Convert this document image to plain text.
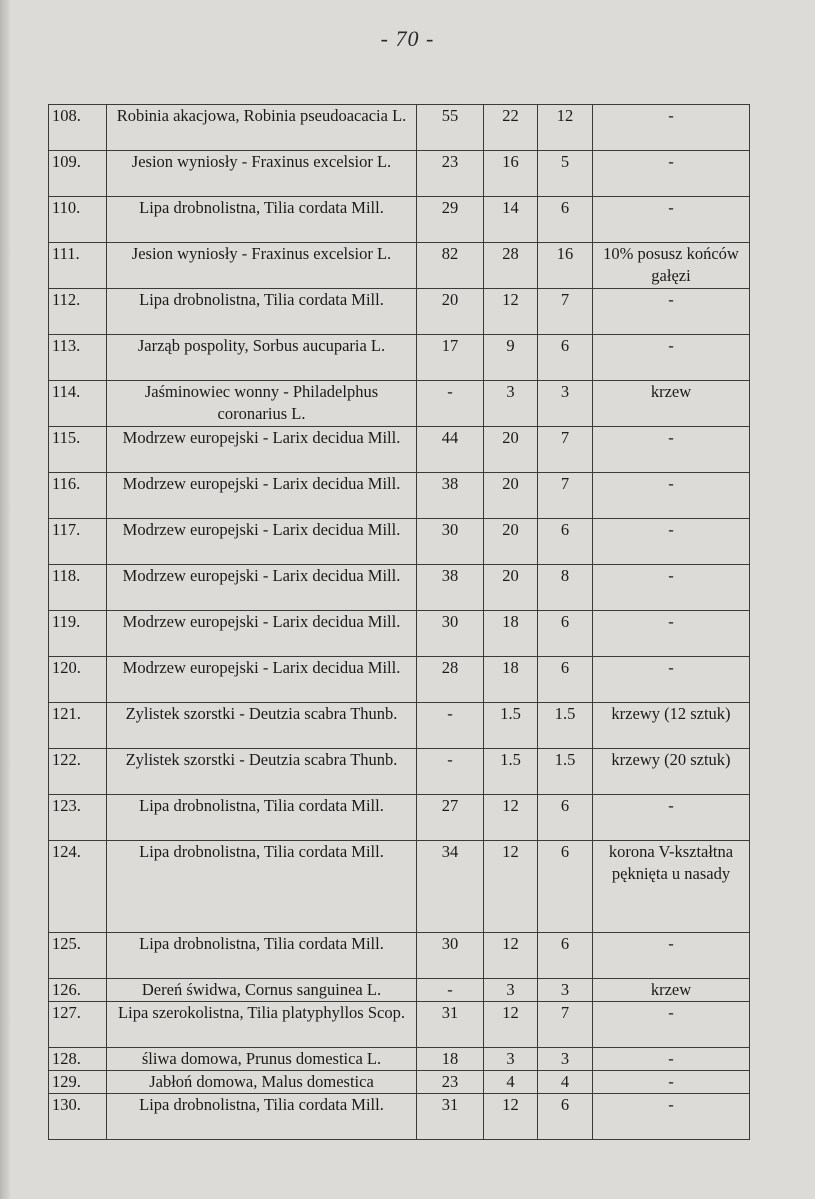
- 70 -
108.	Robinia akacjowa, Robinia pseudoacacia L.	55	22	12	-
109.	Jesion wyniosły - Fraxinus excelsior L.	23	16	5	-
110.	Lipa drobnolistna, Tilia cordata Mill.	29	14	6	-
111.	Jesion wyniosły - Fraxinus excelsior L.	82	28	16	10% posusz końców gałęzi
112.	Lipa drobnolistna, Tilia cordata Mill.	20	12	7	-
113.	Jarząb pospolity, Sorbus aucuparia L.	17	9	6	-
114.	Jaśminowiec wonny - Philadelphus coronarius L.	-	3	3	krzew
115.	Modrzew europejski - Larix decidua Mill.	44	20	7	-
116.	Modrzew europejski - Larix decidua Mill.	38	20	7	-
117.	Modrzew europejski - Larix decidua Mill.	30	20	6	-
118.	Modrzew europejski - Larix decidua Mill.	38	20	8	-
119.	Modrzew europejski - Larix decidua Mill.	30	18	6	-
120.	Modrzew europejski - Larix decidua Mill.	28	18	6	-
121.	Zylistek szorstki - Deutzia scabra Thunb.	-	1.5	1.5	krzewy (12 sztuk)
122.	Zylistek szorstki - Deutzia scabra Thunb.	-	1.5	1.5	krzewy (20 sztuk)
123.	Lipa drobnolistna, Tilia cordata Mill.	27	12	6	-
124.	Lipa drobnolistna, Tilia cordata Mill.	34	12	6	korona V-kształtna pęknięta u nasady
125.	Lipa drobnolistna, Tilia cordata Mill.	30	12	6	-
126.	Dereń świdwa, Cornus sanguinea L.	-	3	3	krzew
127.	Lipa szerokolistna, Tilia platyphyllos Scop.	31	12	7	-
128.	śliwa domowa, Prunus domestica L.	18	3	3	-
129.	Jabłoń domowa, Malus domestica	23	4	4	-
130.	Lipa drobnolistna, Tilia cordata Mill.	31	12	6	-
